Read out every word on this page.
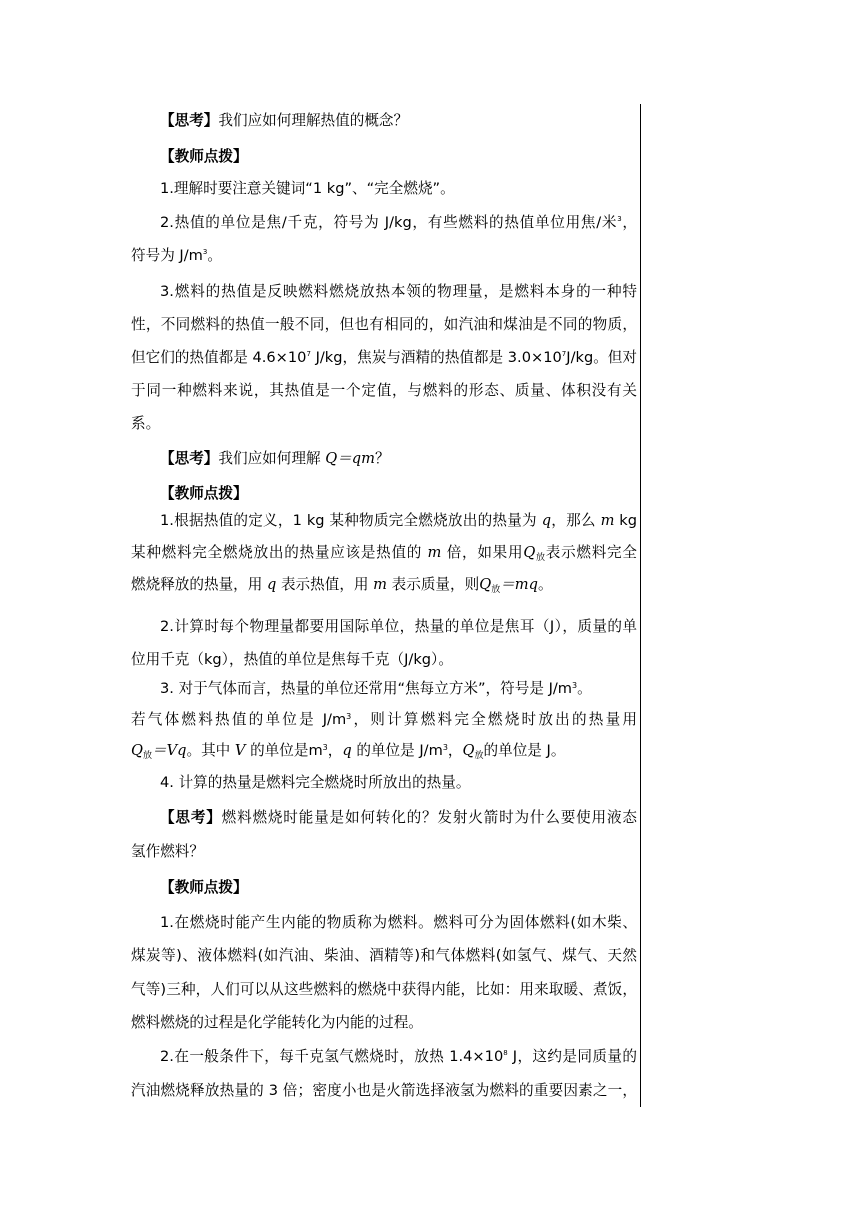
【思考】我们应如何理解热值的概念？
【教师点拨】
1.理解时要注意关键词“1 kg”、“完全燃烧”。
2.热值的单位是焦/千克，符号为 J/kg，有些燃料的热值单位用焦/米$^3$，
符号为 $J/m^3$。
3.燃料的热值是反映燃料燃烧放热本领的物理量，是燃料本身的一种特
性，不同燃料的热值一般不同，但也有相同的，如汽油和煤油是不同的物质，
但它们的热值都是 $4.6\times 10^7$ J/kg，焦炭与酒精的热值都是 $3.0\times 10^7J/kg$。但对
于同一种燃料来说，其热值是一个定值，与燃料的形态、质量、体积没有关
系。
【思考】我们应如何理解 Q＝qm？
【教师点拨】
1.根据热值的定义，1 kg 某种物质完全燃烧放出的热量为 q，那么 m kg
某种燃料完全燃烧放出的热量应该是热值的 m 倍，如果用$Q_放$表示燃料完全
燃烧释放的热量，用 q 表示热值，用 m 表示质量，则$Q_放=mq$。
2.计算时每个物理量都要用国际单位，热量的单位是焦耳（J），质量的单
位用千克（kg），热值的单位是焦每千克（J/kg）。
3. 对于气体而言，热量的单位还常用“焦每立方米”，符号是 $J/m^3$。
若气体燃料热值的单位是 $J/m^3$，则计算燃料完全燃烧时放出的热量用
$Q_放=Vq$。其中 V 的单位是$m^3$，q 的单位是 $J/m^3$，$Q_放$的单位是 J。
4. 计算的热量是燃料完全燃烧时所放出的热量。
【思考】燃料燃烧时能量是如何转化的？发射火箭时为什么要使用液态
氢作燃料？
【教师点拨】
1.在燃烧时能产生内能的物质称为燃料。燃料可分为固体燃料(如木柴、
煤炭等)、液体燃料(如汽油、柴油、酒精等)和气体燃料(如氢气、煤气、天然
气等)三种，人们可以从这些燃料的燃烧中获得内能，比如：用来取暖、煮饭，
燃料燃烧的过程是化学能转化为内能的过程。
2.在一般条件下，每千克氢气燃烧时，放热 $1.4\times 10^8$ J，这约是同质量的
汽油燃烧释放热量的 3 倍；密度小也是火箭选择液氢为燃料的重要因素之一，
